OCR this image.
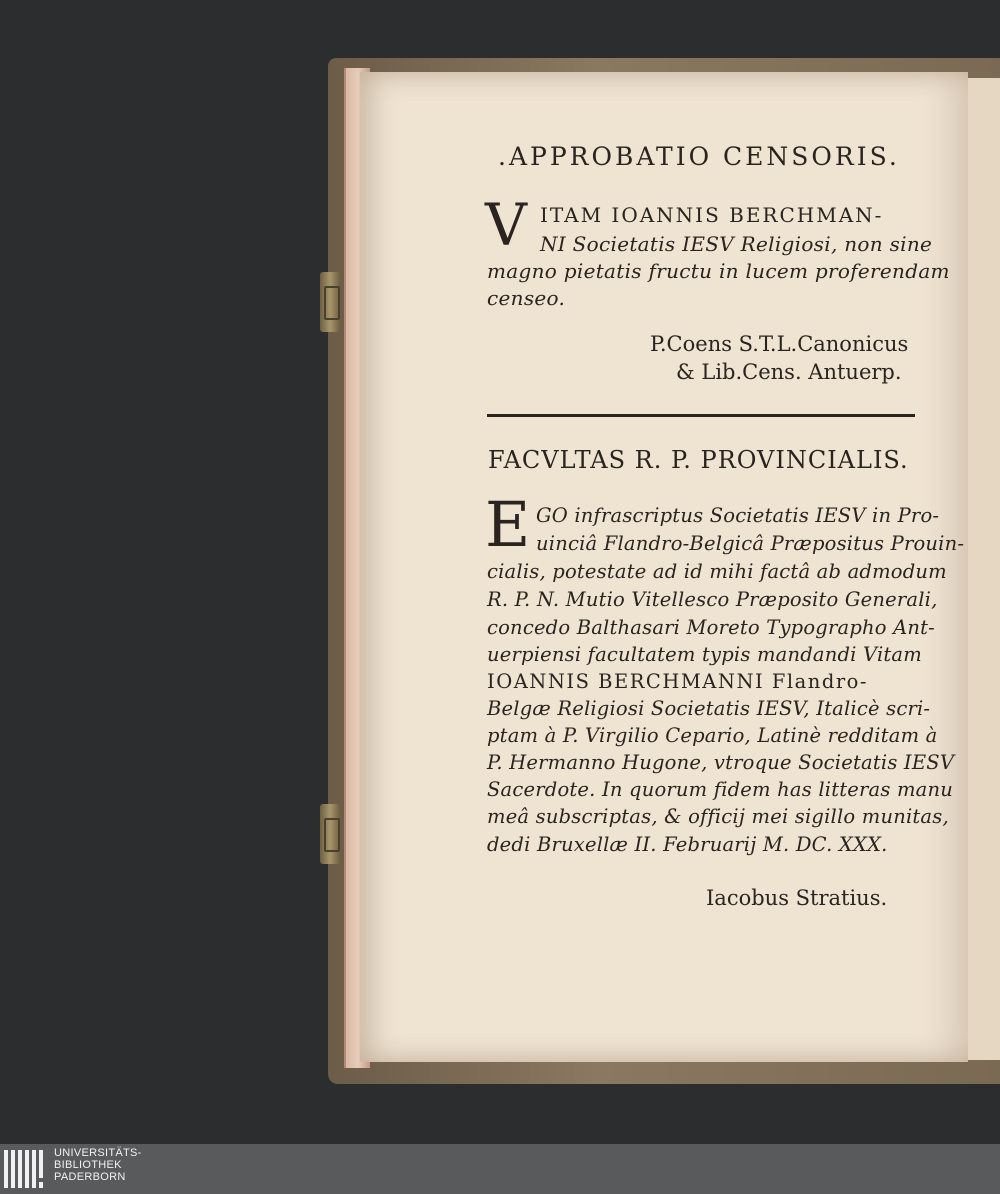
.APPROBATIO CENSORIS.
V ITAM IOANNIS BERCHMAN-
NI Societatis IESV Religiosi, non sine
magno pietatis fructu in lucem proferendam
censeo.
P.Coens S.T.L.Canonicus
& Lib.Cens. Antuerp.
FACVLTAS R. P. PROVINCIALIS.
E GO infrascriptus Societatis IESV in Pro-
uinciâ Flandro-Belgicâ Præpositus Prouin-
cialis, potestate ad id mihi factâ ab admodum
R. P. N. Mutio Vitellesco Præposito Generali,
concedo Balthasari Moreto Typographo Ant-
uerpiensi facultatem typis mandandi Vitam
IOANNIS BERCHMANNI Flandro-
Belgæ Religiosi Societatis IESV, Italicè scri-
ptam à P. Virgilio Cepario, Latinè redditam à
P. Hermanno Hugone, vtroque Societatis IESV
Sacerdote. In quorum fidem has litteras manu
meâ subscriptas, & officij mei sigillo munitas,
dedi Bruxellæ II. Februarij M. DC. XXX.
Iacobus Stratius.
UNIVERSITÄTS-
BIBLIOTHEK
PADERBORN
